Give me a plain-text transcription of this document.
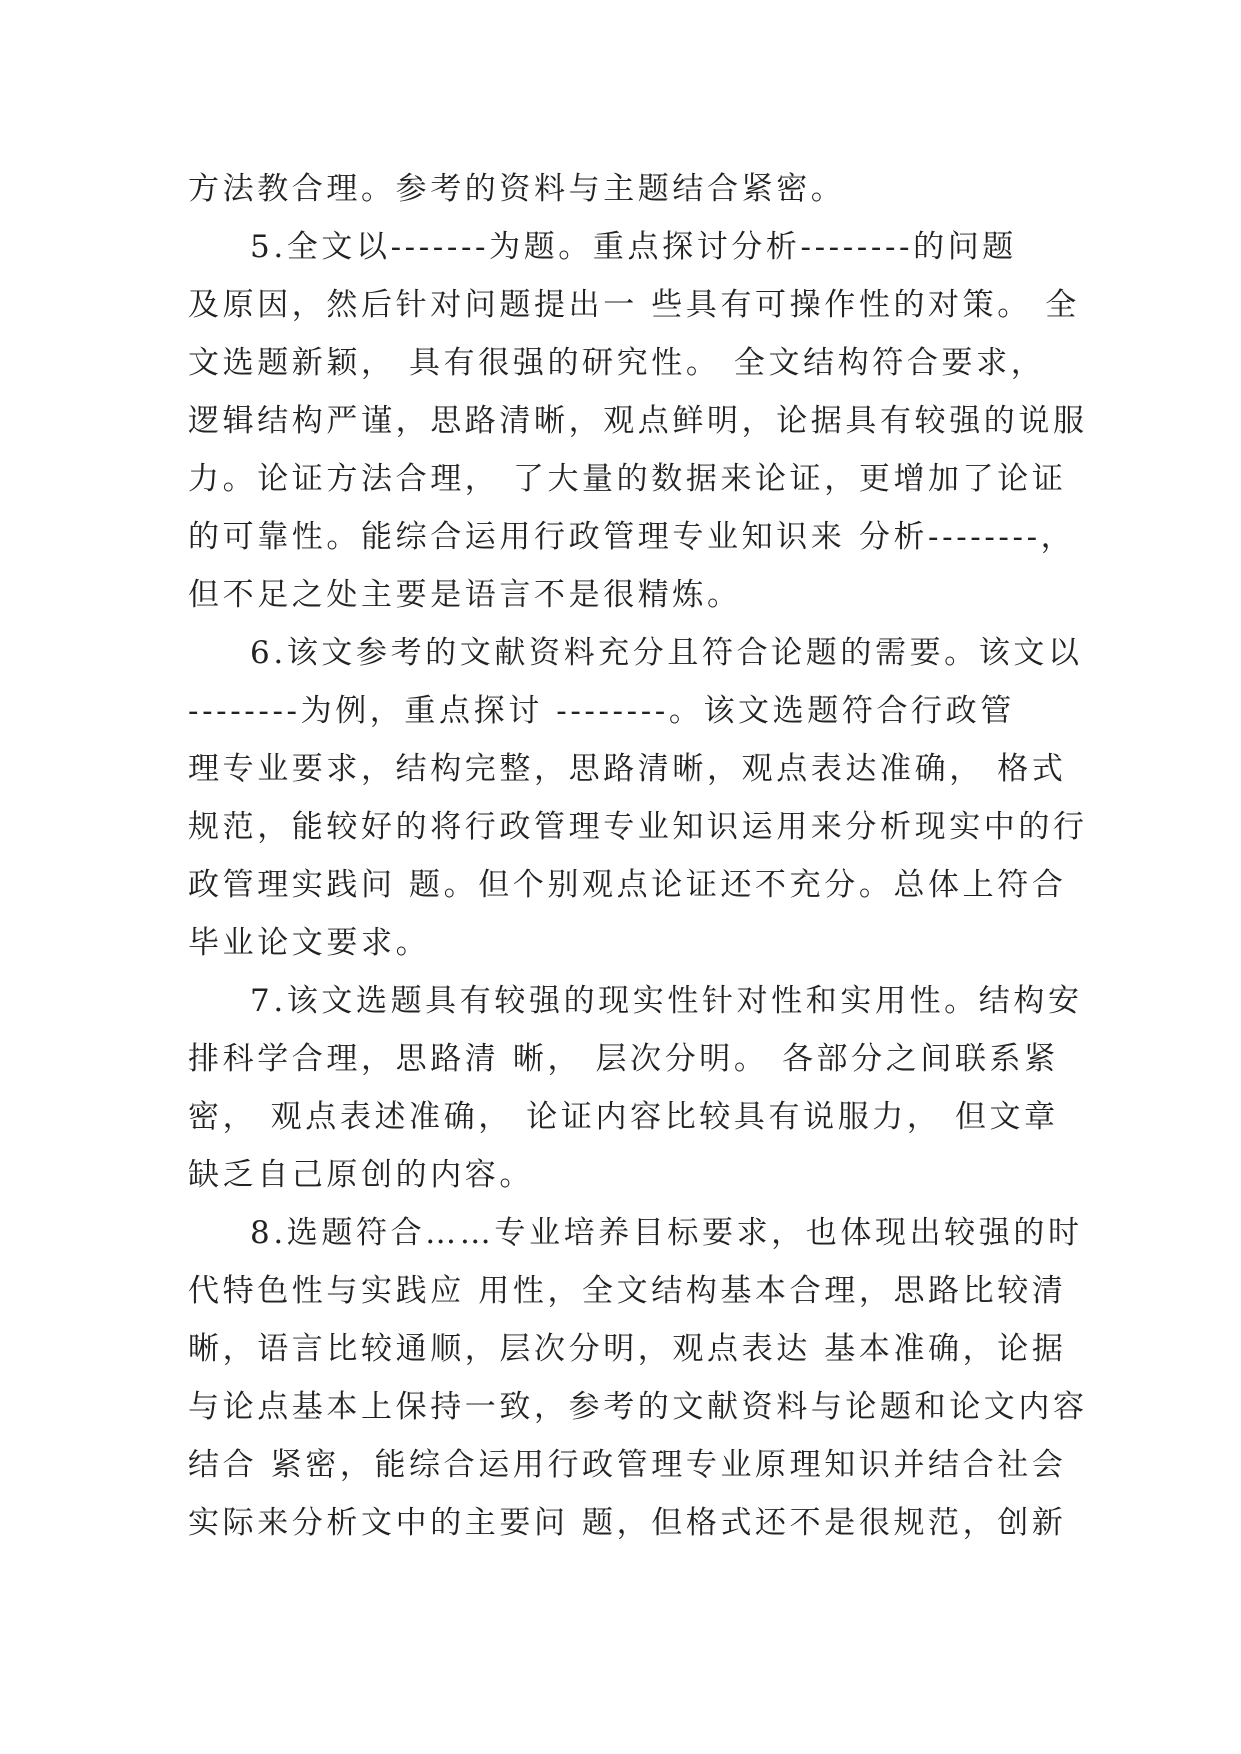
方法教合理。参考的资料与主题结合紧密。
5.全文以-------为题。重点探讨分析--------的问题
及原因，然后针对问题提出一 些具有可操作性的对策。 全
文选题新颖， 具有很强的研究性。 全文结构符合要求，
逻辑结构严谨，思路清晰，观点鲜明，论据具有较强的说服
力。论证方法合理， 了大量的数据来论证，更增加了论证
的可靠性。能综合运用行政管理专业知识来 分析--------，
但不足之处主要是语言不是很精炼。
6.该文参考的文献资料充分且符合论题的需要。该文以
--------为例，重点探讨 --------。该文选题符合行政管
理专业要求，结构完整，思路清晰，观点表达准确， 格式
规范，能较好的将行政管理专业知识运用来分析现实中的行
政管理实践问 题。但个别观点论证还不充分。总体上符合
毕业论文要求。
7.该文选题具有较强的现实性针对性和实用性。结构安
排科学合理，思路清 晰， 层次分明。 各部分之间联系紧
密， 观点表述准确， 论证内容比较具有说服力， 但文章
缺乏自己原创的内容。
8.选题符合……专业培养目标要求，也体现出较强的时
代特色性与实践应 用性，全文结构基本合理，思路比较清
晰，语言比较通顺，层次分明，观点表达 基本准确，论据
与论点基本上保持一致，参考的文献资料与论题和论文内容
结合 紧密，能综合运用行政管理专业原理知识并结合社会
实际来分析文中的主要问 题，但格式还不是很规范，创新
